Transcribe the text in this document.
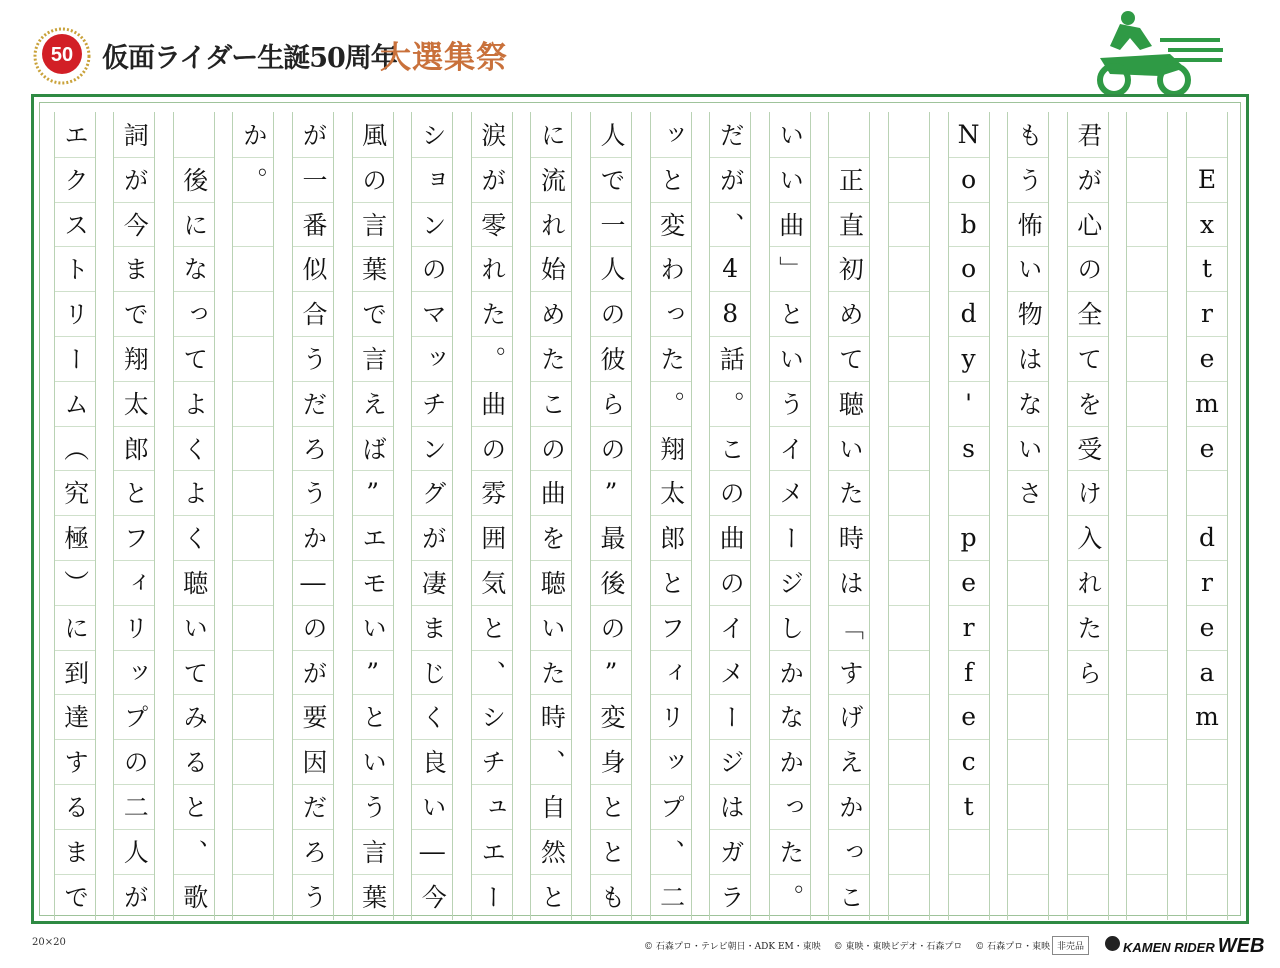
50 仮面ライダー生誕50周年
大選集祭
E
x
t
r
e
m
e
d
r
e
a
m
君
が
心
の
全
て
を
受
け
入
れ
た
ら
も
う
怖
い
物
は
な
い
さ
N
o
b
o
d
y
'
s
p
e
r
f
e
c
t
正
直
初
め
て
聴
い
た
時
は
「
す
げ
え
か
っ
こ
い
い
曲
」
と
い
う
イ
メ
ー
ジ
し
か
な
か
っ
た
。
だ
が
、
4
8
話
。
こ
の
曲
の
イ
メ
ー
ジ
は
ガ
ラ
ッ
と
変
わ
っ
た
。
翔
太
郎
と
フ
ィ
リ
ッ
プ
、
二
人
で
一
人
の
彼
ら
の
”
最
後
の
”
変
身
と
と
も
に
流
れ
始
め
た
こ
の
曲
を
聴
い
た
時
、
自
然
と
涙
が
零
れ
た
。
曲
の
雰
囲
気
と
、
シ
チ
ュ
エ
ー
シ
ョ
ン
の
マ
ッ
チ
ン
グ
が
凄
ま
じ
く
良
い
―
今
風
の
言
葉
で
言
え
ば
”
エ
モ
い
”
と
い
う
言
葉
が
一
番
似
合
う
だ
ろ
う
か
―
の
が
要
因
だ
ろ
う
か
。
後
に
な
っ
て
よ
く
よ
く
聴
い
て
み
る
と
、
歌
詞
が
今
ま
で
翔
太
郎
と
フ
ィ
リ
ッ
プ
の
二
人
が
エ
ク
ス
ト
リ
ー
ム
（
究
極
）
に
到
達
す
る
ま
で
20×20	© 石森プロ・テレビ朝日・ADK EM・東映 © 東映・東映ビデオ・石森プロ © 石森プロ・東映 非売品	KAMEN RIDER WEB
